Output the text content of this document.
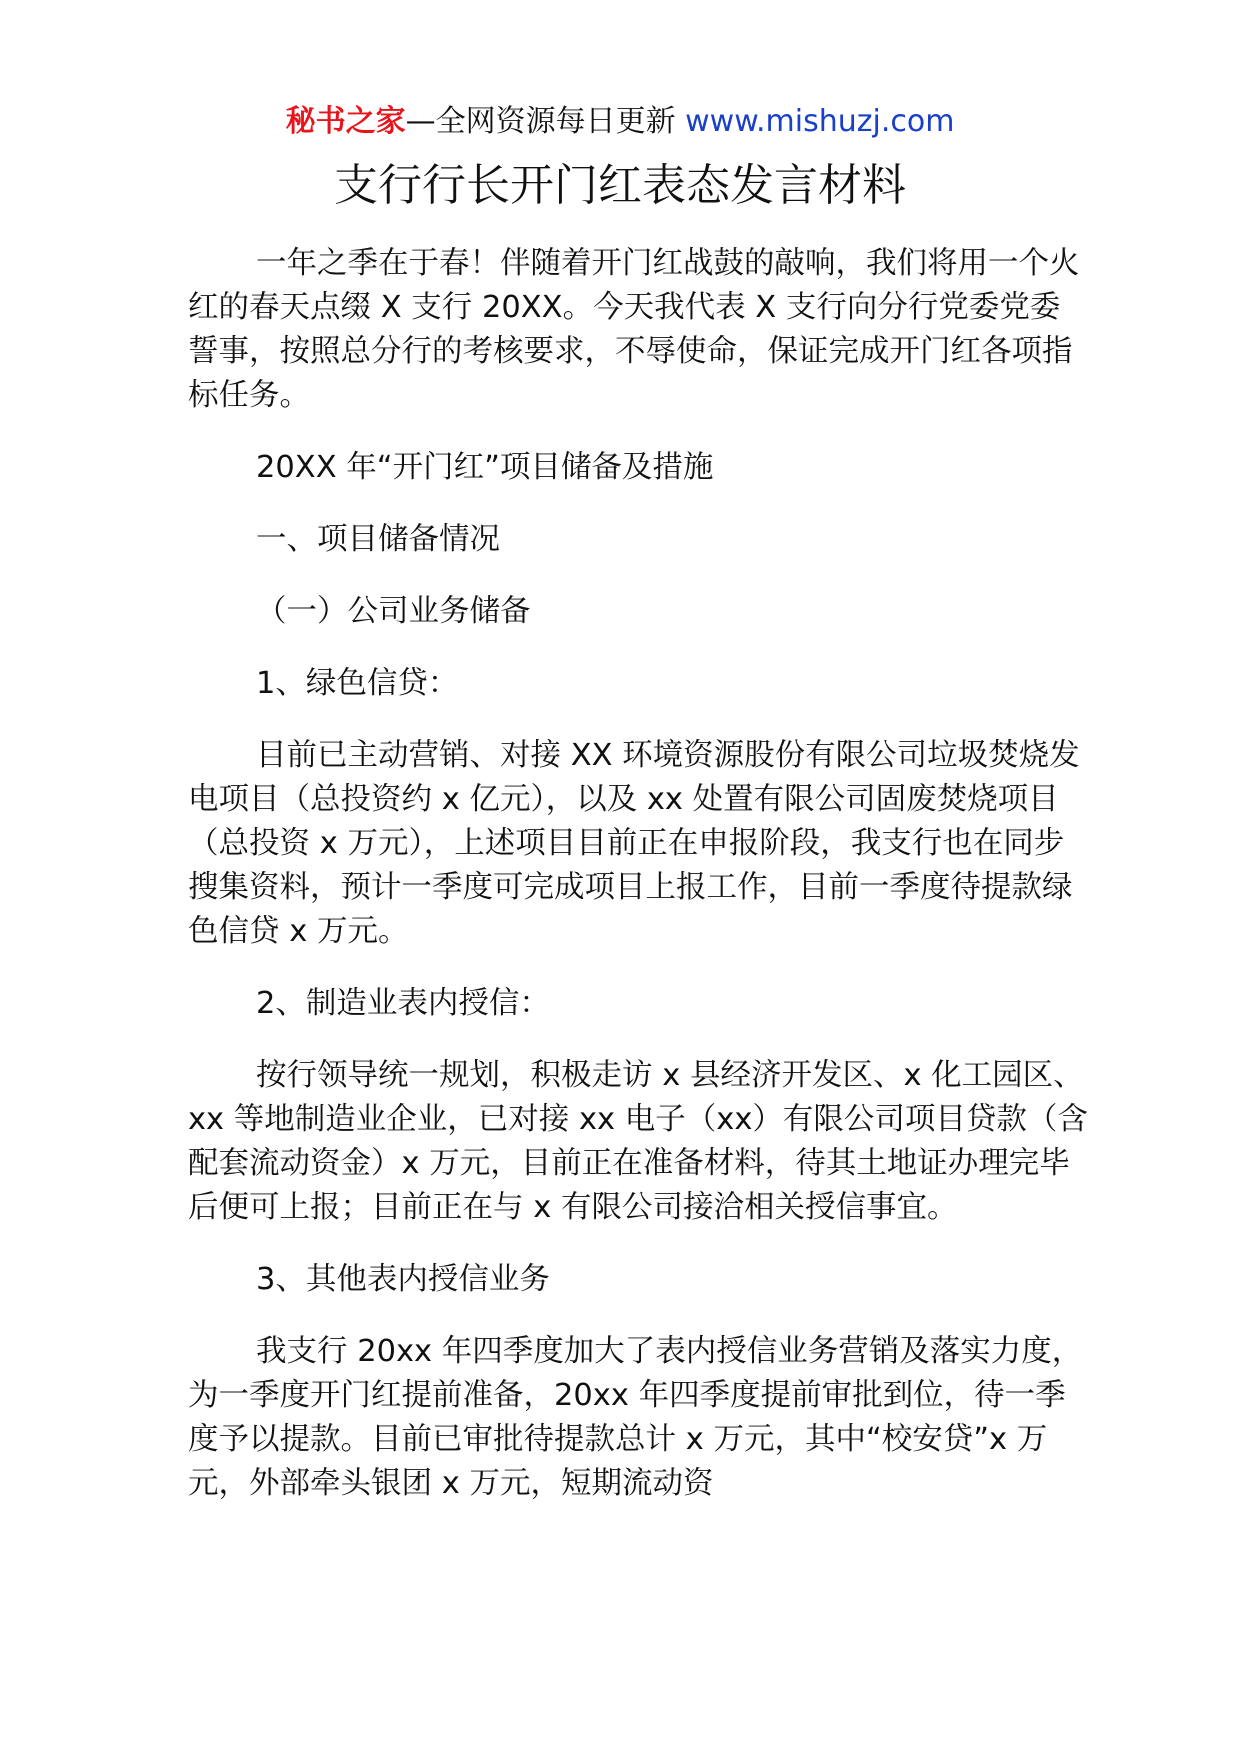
秘书之家—全网资源每日更新 www.mishuzj.com
支行行长开门红表态发言材料

一年之季在于春！伴随着开门红战鼓的敲响，我们将用一个火红的春天点缀 X 支行 20XX。今天我代表 X 支行向分行党委党委誓事，按照总分行的考核要求，不辱使命，保证完成开门红各项指标任务。

20XX 年“开门红”项目储备及措施

一、项目储备情况

（一）公司业务储备

1、绿色信贷：

目前已主动营销、对接 XX 环境资源股份有限公司垃圾焚烧发电项目（总投资约 x 亿元），以及 xx 处置有限公司固废焚烧项目（总投资 x 万元），上述项目目前正在申报阶段，我支行也在同步搜集资料，预计一季度可完成项目上报工作，目前一季度待提款绿色信贷 x 万元。

2、制造业表内授信：

按行领导统一规划，积极走访 x 县经济开发区、x 化工园区、xx 等地制造业企业，已对接 xx 电子（xx）有限公司项目贷款（含配套流动资金）x 万元，目前正在准备材料，待其土地证办理完毕后便可上报；目前正在与 x 有限公司接洽相关授信事宜。

3、其他表内授信业务

我支行 20xx 年四季度加大了表内授信业务营销及落实力度，为一季度开门红提前准备，20xx 年四季度提前审批到位，待一季度予以提款。目前已审批待提款总计 x 万元，其中“校安贷”x 万元，外部牵头银团 x 万元，短期流动资
